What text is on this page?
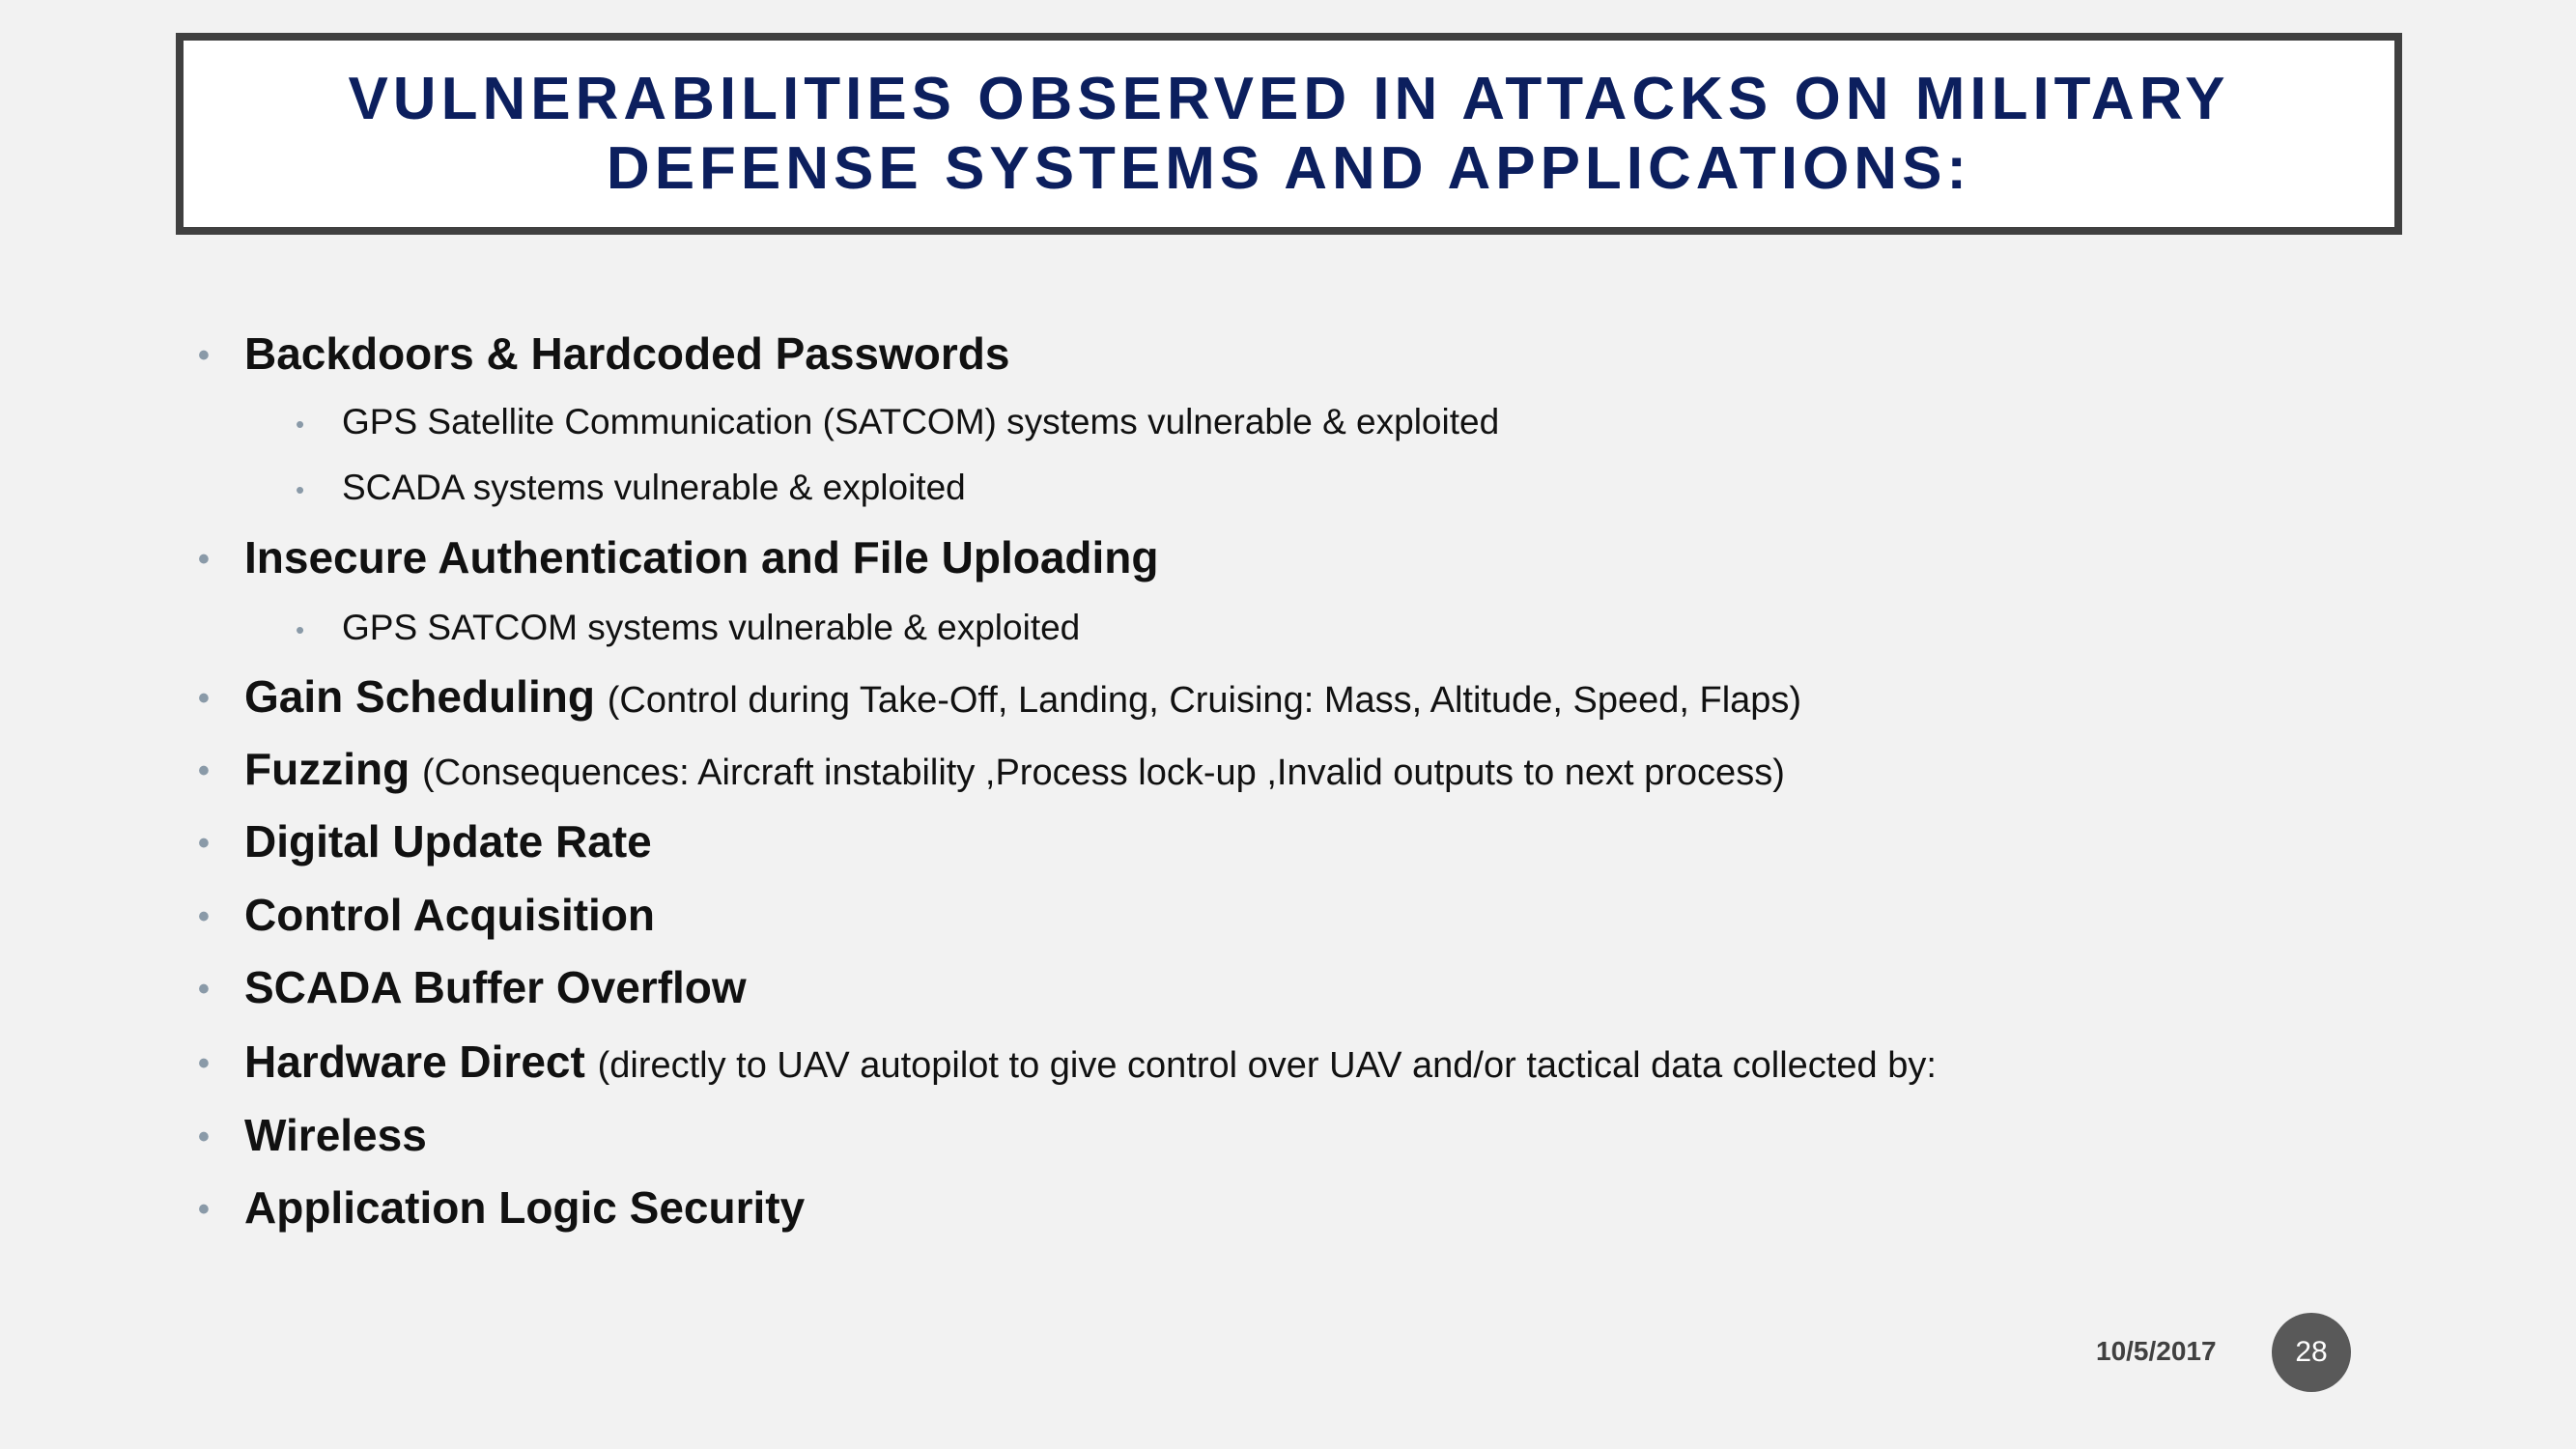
VULNERABILITIES OBSERVED IN ATTACKS ON MILITARY
DEFENSE SYSTEMS AND APPLICATIONS:
• Backdoors & Hardcoded Passwords
• GPS Satellite Communication (SATCOM) systems vulnerable & exploited
• SCADA systems vulnerable & exploited
• Insecure Authentication and File Uploading
• GPS SATCOM systems vulnerable & exploited
• Gain Scheduling (Control during Take-Off, Landing, Cruising: Mass, Altitude, Speed, Flaps)
• Fuzzing (Consequences: Aircraft instability ,Process lock-up ,Invalid outputs to next process)
• Digital Update Rate
• Control Acquisition
• SCADA Buffer Overflow
• Hardware Direct (directly to UAV autopilot to give control over UAV and/or tactical data collected by:
• Wireless
• Application Logic Security
10/5/2017	28
